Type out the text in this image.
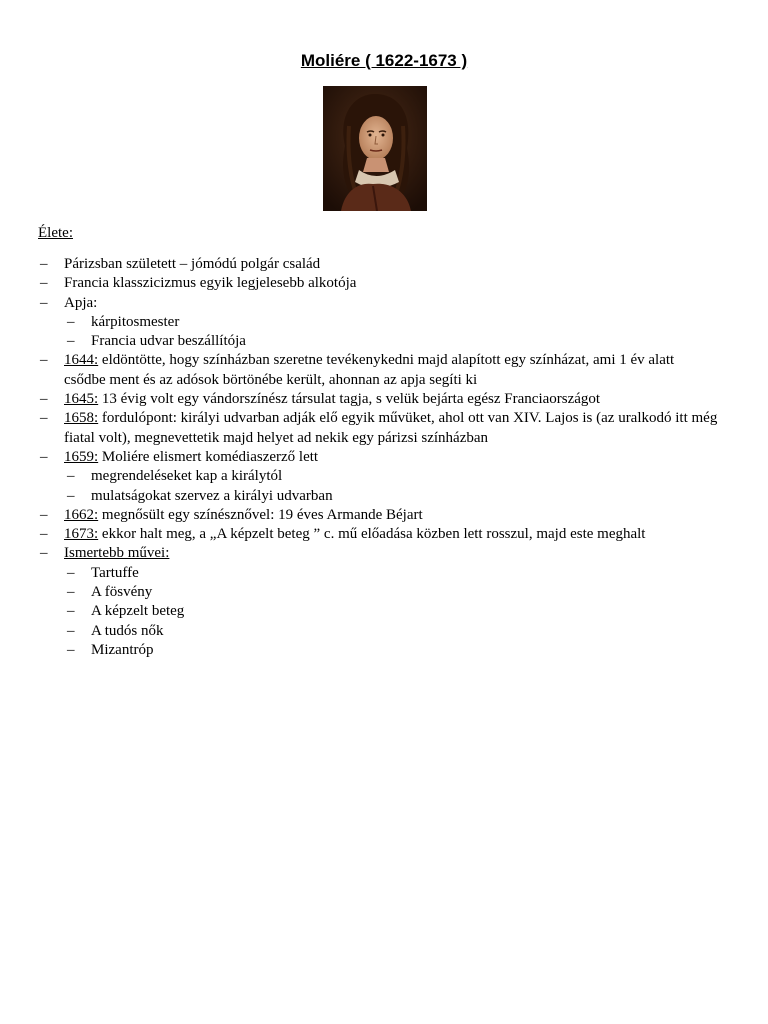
Moliére ( 1622-1673 )
Élete:
– Párizsban született – jómódú polgár család
– Francia klasszicizmus egyik legjelesebb alkotója
– Apja:
– kárpitosmester
– Francia udvar beszállítója
– 1644: eldöntötte, hogy színházban szeretne tevékenykedni majd alapított egy színházat, ami 1 év alatt csődbe ment és az adósok börtönébe került, ahonnan az apja segíti ki
– 1645: 13 évig volt egy vándorszínész társulat tagja, s velük bejárta egész Franciaországot
– 1658: fordulópont: királyi udvarban adják elő egyik művüket, ahol ott van XIV. Lajos is (az uralkodó itt még fiatal volt), megnevettetik majd helyet ad nekik egy párizsi színházban
– 1659: Moliére elismert komédiaszerző lett
– megrendeléseket kap a királytól
– mulatságokat szervez a királyi udvarban
– 1662: megnősült egy színésznővel: 19 éves Armande Béjart
– 1673: ekkor halt meg, a „A képzelt beteg ” c. mű előadása közben lett rosszul, majd este meghalt
– Ismertebb művei:
– Tartuffe
– A fösvény
– A képzelt beteg
– A tudós nők
– Mizantróp
